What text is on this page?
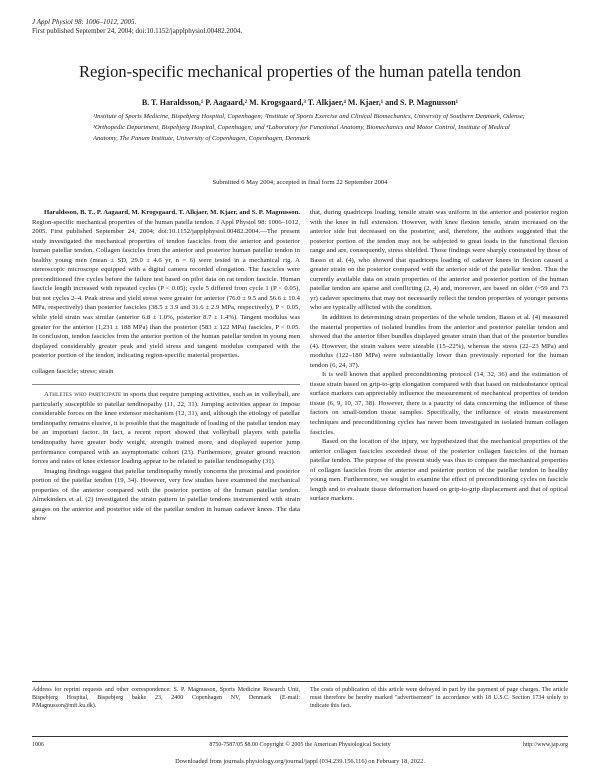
J Appl Physiol 98: 1006–1012, 2005.
First published September 24, 2004; doi:10.1152/japplphysiol.00482.2004.
Region-specific mechanical properties of the human patella tendon
B. T. Haraldsson,¹ P. Aagaard,² M. Krogsgaard,³ T. Alkjaer,⁴ M. Kjaer,¹ and S. P. Magnusson¹
¹Institute of Sports Medicine, Bispebjerg Hospital, Copenhagen; ²Institute of Sports Exercise and Clinical Biomechanics, University of Southern Denmark, Odense; ³Orthopedic Department, Bispebjerg Hospital, Copenhagen; and ⁴Laboratory for Functional Anatomy, Biomechanics and Motor Control, Institute of Medical Anatomy, The Panum Institute, University of Copenhagen, Copenhagen, Denmark
Submitted 6 May 2004; accepted in final form 22 September 2004

Haraldsson, B. T., P. Aagaard, M. Krogsgaard, T. Alkjaer, M. Kjaer, and S. P. Magnusson. Region-specific mechanical properties of the human patella tendon. J Appl Physiol 98: 1006–1012, 2005. First published September 24, 2004; doi:10.1152/japplphysiol.00482.2004.—The present study investigated the mechanical properties of tendon fascicles from the anterior and posterior human patellar tendon. Collagen fascicles from the anterior and posterior human patellar tendon in healthy young men (mean ± SD, 29.0 ± 4.6 yr, n = 6) were tested in a mechanical rig. A stereoscopic microscope equipped with a digital camera recorded elongation. The fascicles were preconditioned five cycles before the failure test based on pilot data on rat tendon fascicle. Human fascicle length increased with repeated cycles (P < 0.05); cycle 5 differed from cycle 1 (P < 0.05), but not cycles 2–4. Peak stress and yield stress were greater for anterior (76.0 ± 9.5 and 56.6 ± 10.4 MPa, respectively) than posterior fascicles (38.5 ± 3.9 and 31.6 ± 2.9 MPa, respectively), P < 0.05, while yield strain was similar (anterior 6.8 ± 1.0%, posterior 8.7 ± 1.4%). Tangent modulus was greater for the anterior (1,231 ± 188 MPa) than the posterior (583 ± 122 MPa) fascicles, P < 0.05. In conclusion, tendon fascicles from the anterior portion of the human patellar tendon in young men displayed considerably greater peak and yield stress and tangent modulus compared with the posterior portion of the tendon, indicating region-specific material properties.

collagen fascicle; stress; strain

Athletes who participate in sports that require jumping activities, such as in volleyball, are particularly susceptible to patellar tendinopathy (11, 22, 31). Jumping activities appear to impose considerable forces on the knee extensor mechanism (12, 31), and, although the etiology of patellar tendinopathy remains elusive, it is possible that the magnitude of loading of the patellar tendon may be an important factor. In fact, a recent report showed that volleyball players with patella tendinopathy have greater body weight, strength trained more, and displayed superior jump performance compared with an asymptomatic cohort (23). Furthermore, greater ground reaction forces and rates of knee extensor loading appear to be related to patellar tendinopathy (31).

Imaging findings suggest that patellar tendinopathy mostly concerns the proximal and posterior portion of the patellar tendon (19, 34). However, very few studies have examined the mechanical properties of the anterior compared with the posterior portion of the human patellar tendon. Almekinders et al. (2) investigated the strain pattern in patellar tendons instrumented with strain gauges on the anterior and posterior side of the patellar tendon in human cadaver knees. The data show

that, during quadriceps loading, tensile strain was uniform in the anterior and posterior region with the knee in full extension. However, with knee flexion tensile, strain increased on the anterior side but decreased on the posterior, and, therefore, the authors suggested that the posterior portion of the tendon may not be subjected to great loads in the functional flexion range and are, consequently, stress shielded. Those findings were sharply contrasted by those of Basso et al. (4), who showed that quadriceps loading of cadaver knees in flexion caused a greater strain on the posterior compared with the anterior side of the patellar tendon. Thus the currently available data on strain properties of the anterior and posterior portion of the human patellar tendon are sparse and conflicting (2, 4) and, moreover, are based on older (~59 and 73 yr) cadaver specimens that may not necessarily reflect the tendon properties of younger persons who are typically afflicted with the condition.

In addition to determining strain properties of the whole tendon, Basso et al. (4) measured the material properties of isolated bundles from the anterior and posterior patellar tendon and showed that the anterior fiber bundles displayed greater strain than that of the posterior bundles (4). However, the strain values were sizeable (15–22%), whereas the stress (22–23 MPa) and modulus (122–180 MPa) were substantially lower than previously reported for the human tendon (6, 24, 37).

It is well known that applied preconditioning protocol (14, 32, 36) and the estimation of tissue strain based on grip-to-grip elongation compared with that based on midsubstance optical surface markers can appreciably influence the measurement of mechanical properties of tendon tissue (6, 9, 10, 37, 38). However, there is a paucity of data concerning the influence of these factors on small-tendon tissue samples. Specifically, the influence of strain measurement techniques and preconditioning cycles has never been investigated in isolated human collagen fascicles.

Based on the location of the injury, we hypothesized that the mechanical properties of the anterior collagen fascicles exceeded those of the posterior collagen fascicles of the human patellar tendon. The purpose of the present study was thus to compare the mechanical properties of collagen fascicles from the anterior and posterior portion of the patellar tendon in healthy young men. Furthermore, we sought to examine the effect of preconditioning cycles on fascicle length and to evaluate tissue deformation based on grip-to-grip displacement and that of optical surface markers.

Address for reprint requests and other correspondence: S. P. Magnusson, Sports Medicine Research Unit, Bispebjerg Hospital, Bispebjerg bakke 23, 2400 Copenhagen NV, Denmark (E-mail: P.Magnusson@mfi.ku.dk).
The costs of publication of this article were defrayed in part by the payment of page charges. The article must therefore be hereby marked "advertisement" in accordance with 18 U.S.C. Section 1734 solely to indicate this fact.
1006	8750-7587/05 $8.00 Copyright © 2005 the American Physiological Society	http://www.jap.org
Downloaded from journals.physiology.org/journal/jappl (034.239.156.116) on February 18, 2022.
